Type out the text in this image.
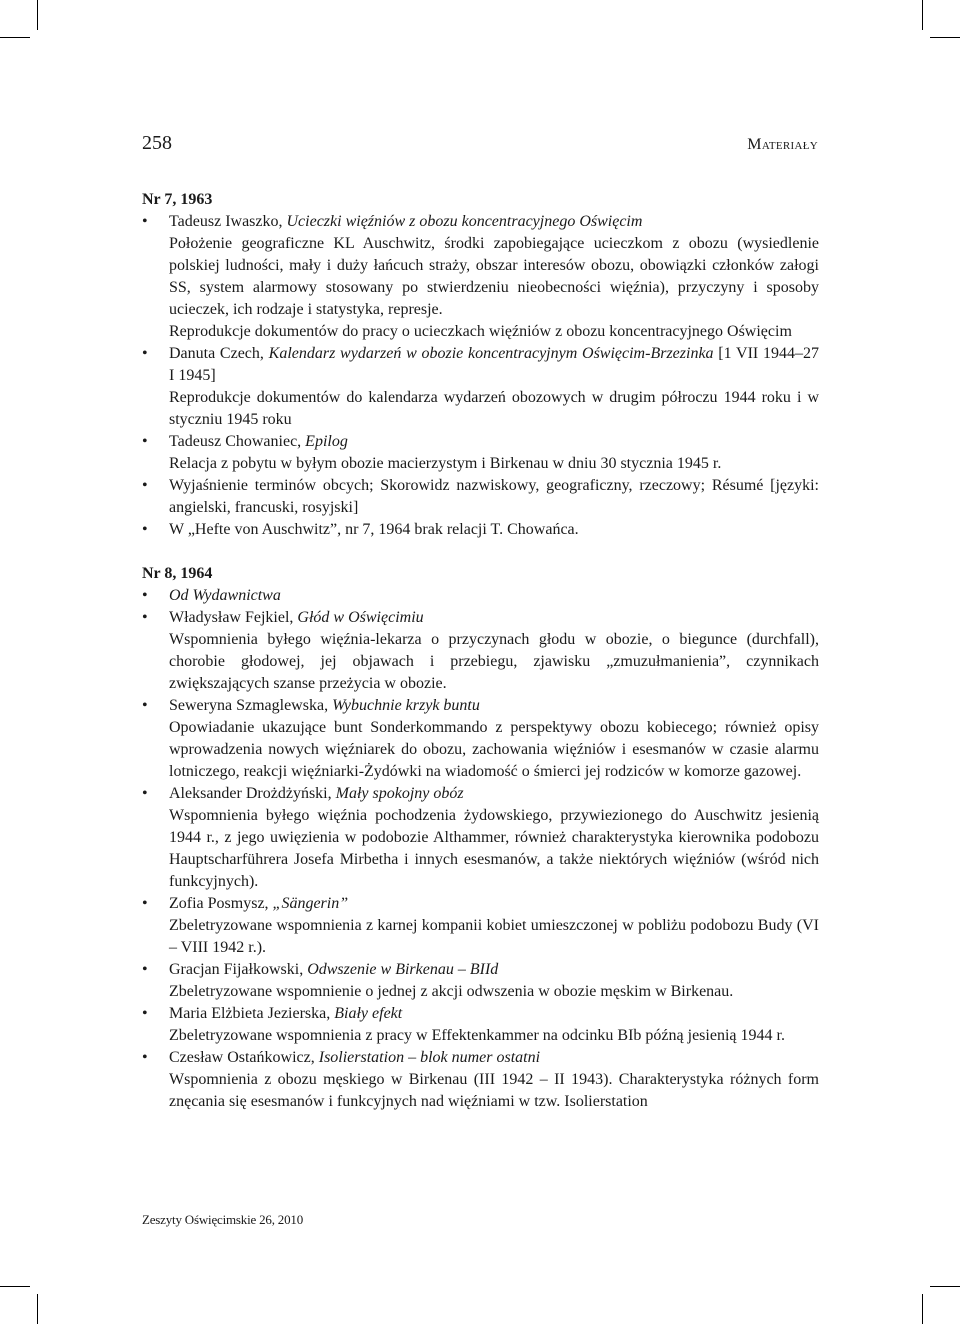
258	Materiały
Nr 7, 1963
• Tadeusz Iwaszko, Ucieczki więźniów z obozu koncentracyjnego Oświęcim
Położenie geograficzne KL Auschwitz, środki zapobiegające ucieczkom z obozu (wysiedlenie polskiej ludności, mały i duży łańcuch straży, obszar interesów obozu, obowiązki członków załogi SS, system alarmowy stosowany po stwierdzeniu nieobecności więźnia), przyczyny i sposoby ucieczek, ich rodzaje i statystyka, represje.
Reprodukcje dokumentów do pracy o ucieczkach więźniów z obozu koncentracyjnego Oświęcim
• Danuta Czech, Kalendarz wydarzeń w obozie koncentracyjnym Oświęcim-Brzezinka [1 VII 1944–27 I 1945]
Reprodukcje dokumentów do kalendarza wydarzeń obozowych w drugim półroczu 1944 roku i w styczniu 1945 roku
• Tadeusz Chowaniec, Epilog
Relacja z pobytu w byłym obozie macierzystym i Birkenau w dniu 30 stycznia 1945 r.
• Wyjaśnienie terminów obcych; Skorowidz nazwiskowy, geograficzny, rzeczowy; Résumé [języki: angielski, francuski, rosyjski]
• W „Hefte von Auschwitz”, nr 7, 1964 brak relacji T. Chowańca.
Nr 8, 1964
• Od Wydawnictwa
• Władysław Fejkiel, Głód w Oświęcimiu
Wspomnienia byłego więźnia-lekarza o przyczynach głodu w obozie, o biegunce (durchfall), chorobie głodowej, jej objawach i przebiegu, zjawisku „zmuzułmanienia”, czynnikach zwiększających szanse przeżycia w obozie.
• Seweryna Szmaglewska, Wybuchnie krzyk buntu
Opowiadanie ukazujące bunt Sonderkommando z perspektywy obozu kobiecego; również opisy wprowadzenia nowych więźniarek do obozu, zachowania więźniów i esesmanów w czasie alarmu lotniczego, reakcji więźniarki-Żydówki na wiadomość o śmierci jej rodziców w komorze gazowej.
• Aleksander Drożdżyński, Mały spokojny obóz
Wspomnienia byłego więźnia pochodzenia żydowskiego, przywiezionego do Auschwitz jesienią 1944 r., z jego uwięzienia w podobozie Althammer, również charakterystyka kierownika podobozu Hauptscharführera Josefa Mirbetha i innych esesmanów, a także niektórych więźniów (wśród nich funkcyjnych).
• Zofia Posmysz, „Sängerin”
Zbeletryzowane wspomnienia z karnej kompanii kobiet umieszczonej w pobliżu podobozu Budy (VI – VIII 1942 r.).
• Gracjan Fijałkowski, Odwszenie w Birkenau – BIId
Zbeletryzowane wspomnienie o jednej z akcji odwszenia w obozie męskim w Birkenau.
• Maria Elżbieta Jezierska, Biały efekt
Zbeletryzowane wspomnienia z pracy w Effektenkammer na odcinku BIb późną jesienią 1944 r.
• Czesław Ostańkowicz, Isolierstation – blok numer ostatni
Wspomnienia z obozu męskiego w Birkenau (III 1942 – II 1943). Charakterystyka różnych form znęcania się esesmanów i funkcyjnych nad więźniami w tzw. Isolierstation
Zeszyty Oświęcimskie 26, 2010
